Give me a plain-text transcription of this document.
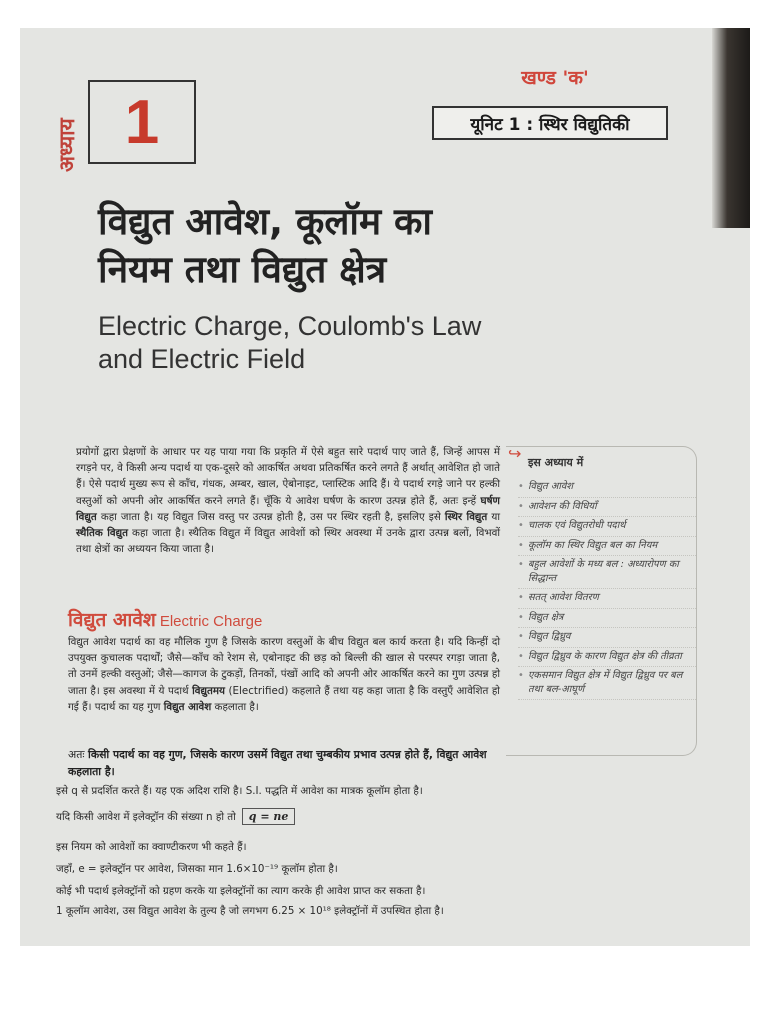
अध्याय 1
खण्ड 'क'
यूनिट 1 : स्थिर विद्युतिकी
विद्युत आवेश, कूलॉम का
नियम तथा विद्युत क्षेत्र
Electric Charge, Coulomb's Law
and Electric Field
प्रयोगों द्वारा प्रेक्षणों के आधार पर यह पाया गया कि प्रकृति में ऐसे बहुत सारे पदार्थ पाए जाते हैं, जिन्हें आपस में रगड़ने पर, वे किसी अन्य पदार्थ या एक-दूसरे को आकर्षित अथवा प्रतिकर्षित करने लगते हैं अर्थात् आवेशित हो जाते हैं। ऐसे पदार्थ मुख्य रूप से काँच, गंधक, अम्बर, खाल, ऐबोनाइट, प्लास्टिक आदि हैं। ये पदार्थ रगड़े जाने पर हल्की वस्तुओं को अपनी ओर आकर्षित करने लगते हैं। चूँकि ये आवेश घर्षण के कारण उत्पन्न होते हैं, अतः इन्हें घर्षण विद्युत कहा जाता है। यह विद्युत जिस वस्तु पर उत्पन्न होती है, उस पर स्थिर रहती है, इसलिए इसे स्थिर विद्युत या स्थैतिक विद्युत कहा जाता है। स्थैतिक विद्युत में विद्युत आवेशों को स्थिर अवस्था में उनके द्वारा उत्पन्न बलों, विभवों तथा क्षेत्रों का अध्ययन किया जाता है।
↪ इस अध्याय में
• विद्युत आवेश
• आवेशन की विधियाँ
• चालक एवं विद्युतरोधी पदार्थ
• कूलॉम का स्थिर विद्युत बल का नियम
• बहुल आवेशों के मध्य बल : अध्यारोपण का सिद्धान्त
• सतत् आवेश वितरण
• विद्युत क्षेत्र
• विद्युत द्विध्रुव
• विद्युत द्विध्रुव के कारण विद्युत क्षेत्र की तीव्रता
• एकसमान विद्युत क्षेत्र में विद्युत द्विध्रुव पर बल तथा बल-आघूर्ण
विद्युत आवेश Electric Charge
विद्युत आवेश पदार्थ का वह मौलिक गुण है जिसके कारण वस्तुओं के बीच विद्युत बल कार्य करता है। यदि किन्हीं दो उपयुक्त कुचालक पदार्थों; जैसे—काँच को रेशम से, एबोनाइट की छड़ को बिल्ली की खाल से परस्पर रगड़ा जाता है, तो उनमें हल्की वस्तुओं; जैसे—कागज के टुकड़ों, तिनकों, पंखों आदि को अपनी ओर आकर्षित करने का गुण उत्पन्न हो जाता है। इस अवस्था में ये पदार्थ विद्युतमय (Electrified) कहलाते हैं तथा यह कहा जाता है कि वस्तुएँ आवेशित हो गई हैं। पदार्थ का यह गुण विद्युत आवेश कहलाता है।
अतः किसी पदार्थ का वह गुण, जिसके कारण उसमें विद्युत तथा चुम्बकीय प्रभाव उत्पन्न होते हैं, विद्युत आवेश कहलाता है।
इसे q से प्रदर्शित करते हैं। यह एक अदिश राशि है। S.I. पद्धति में आवेश का मात्रक कूलॉम होता है।
यदि किसी आवेश में इलेक्ट्रॉन की संख्या n हो तो q = ne
इस नियम को आवेशों का क्वाण्टीकरण भी कहते हैं।
जहाँ, e = इलेक्ट्रॉन पर आवेश, जिसका मान 1.6×10⁻¹⁹ कूलॉम होता है।
कोई भी पदार्थ इलेक्ट्रॉनों को ग्रहण करके या इलेक्ट्रॉनों का त्याग करके ही आवेश प्राप्त कर सकता है।
1 कूलॉम आवेश, उस विद्युत आवेश के तुल्य है जो लगभग 6.25 × 10¹⁸ इलेक्ट्रॉनों में उपस्थित होता है।
